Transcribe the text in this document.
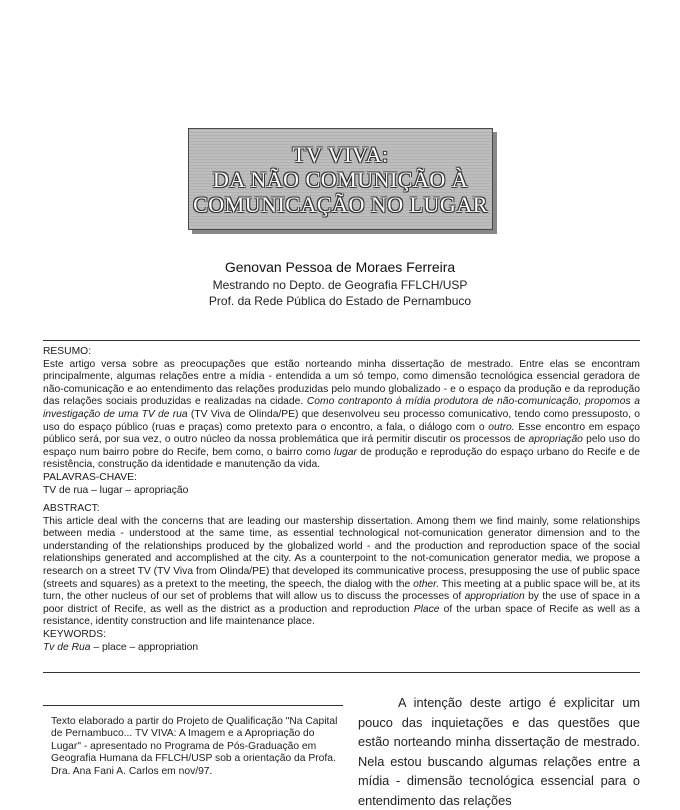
TV VIVA:
DA NÃO COMUNIÇÃO À
COMUNICAÇÃO NO LUGAR
Genovan Pessoa de Moraes Ferreira
Mestrando no Depto. de Geografia FFLCH/USP
Prof. da Rede Pública do Estado de Pernambuco
RESUMO:

Este artigo versa sobre as preocupações que estão norteando minha dissertação de mestrado. Entre elas se encontram principalmente, algumas relações entre a mídia - entendida a um só tempo, como dimensão tecnológica essencial geradora de não-comunicação e ao entendimento das relações produzidas pelo mundo globalizado - e o espaço da produção e da reprodução das relações sociais produzidas e realizadas na cidade. Como contraponto à mídia produtora de não-comunicação, propomos a investigação de uma TV de rua (TV Viva de Olinda/PE) que desenvolveu seu processo comunicativo, tendo como pressuposto, o uso do espaço público (ruas e praças) como pretexto para o encontro, a fala, o diálogo com o outro. Esse encontro em espaço público será, por sua vez, o outro núcleo da nossa problemática que irá permitir discutir os processos de apropriação pelo uso do espaço num bairro pobre do Recife, bem como, o bairro como lugar de produção e reprodução do espaço urbano do Recife e de resistência, construção da identidade e manutenção da vida.

PALAVRAS-CHAVE:
TV de rua – lugar – apropriação
ABSTRACT:

This article deal with the concerns that are leading our mastership dissertation. Among them we find mainly, some relationships between media - understood at the same time, as essential technological not-comunication generator dimension and to the understanding of the relationships produced by the globalized world - and the production and reproduction space of the social relationships generated and accomplished at the city. As a counterpoint to the not-comunication generator media, we propose a research on a street TV (TV Viva from Olinda/PE) that developed its communicative process, presupposing the use of public space (streets and squares) as a pretext to the meeting, the speech, the dialog with the other. This meeting at a public space will be, at its turn, the other nucleus of our set of problems that will allow us to discuss the processes of appropriation by the use of space in a poor district of Recife, as well as the district as a production and reproduction Place of the urban space of Recife as well as a resistance, identity construction and life maintenance place.

KEYWORDS:
Tv de Rua – place – appropriation
Texto elaborado a partir do Projeto de Qualificação "Na Capital de Pernambuco... TV VIVA: A Imagem e a Apropriação do Lugar" - apresentado no Programa de Pós-Graduação em Geografia Humana da FFLCH/USP sob a orientação da Profa. Dra. Ana Fani A. Carlos em nov/97.
A intenção deste artigo é explicitar um pouco das inquietações e das questões que estão norteando minha dissertação de mestrado. Nela estou buscando algumas relações entre a mídia - dimensão tecnológica essencial para o entendimento das relações
